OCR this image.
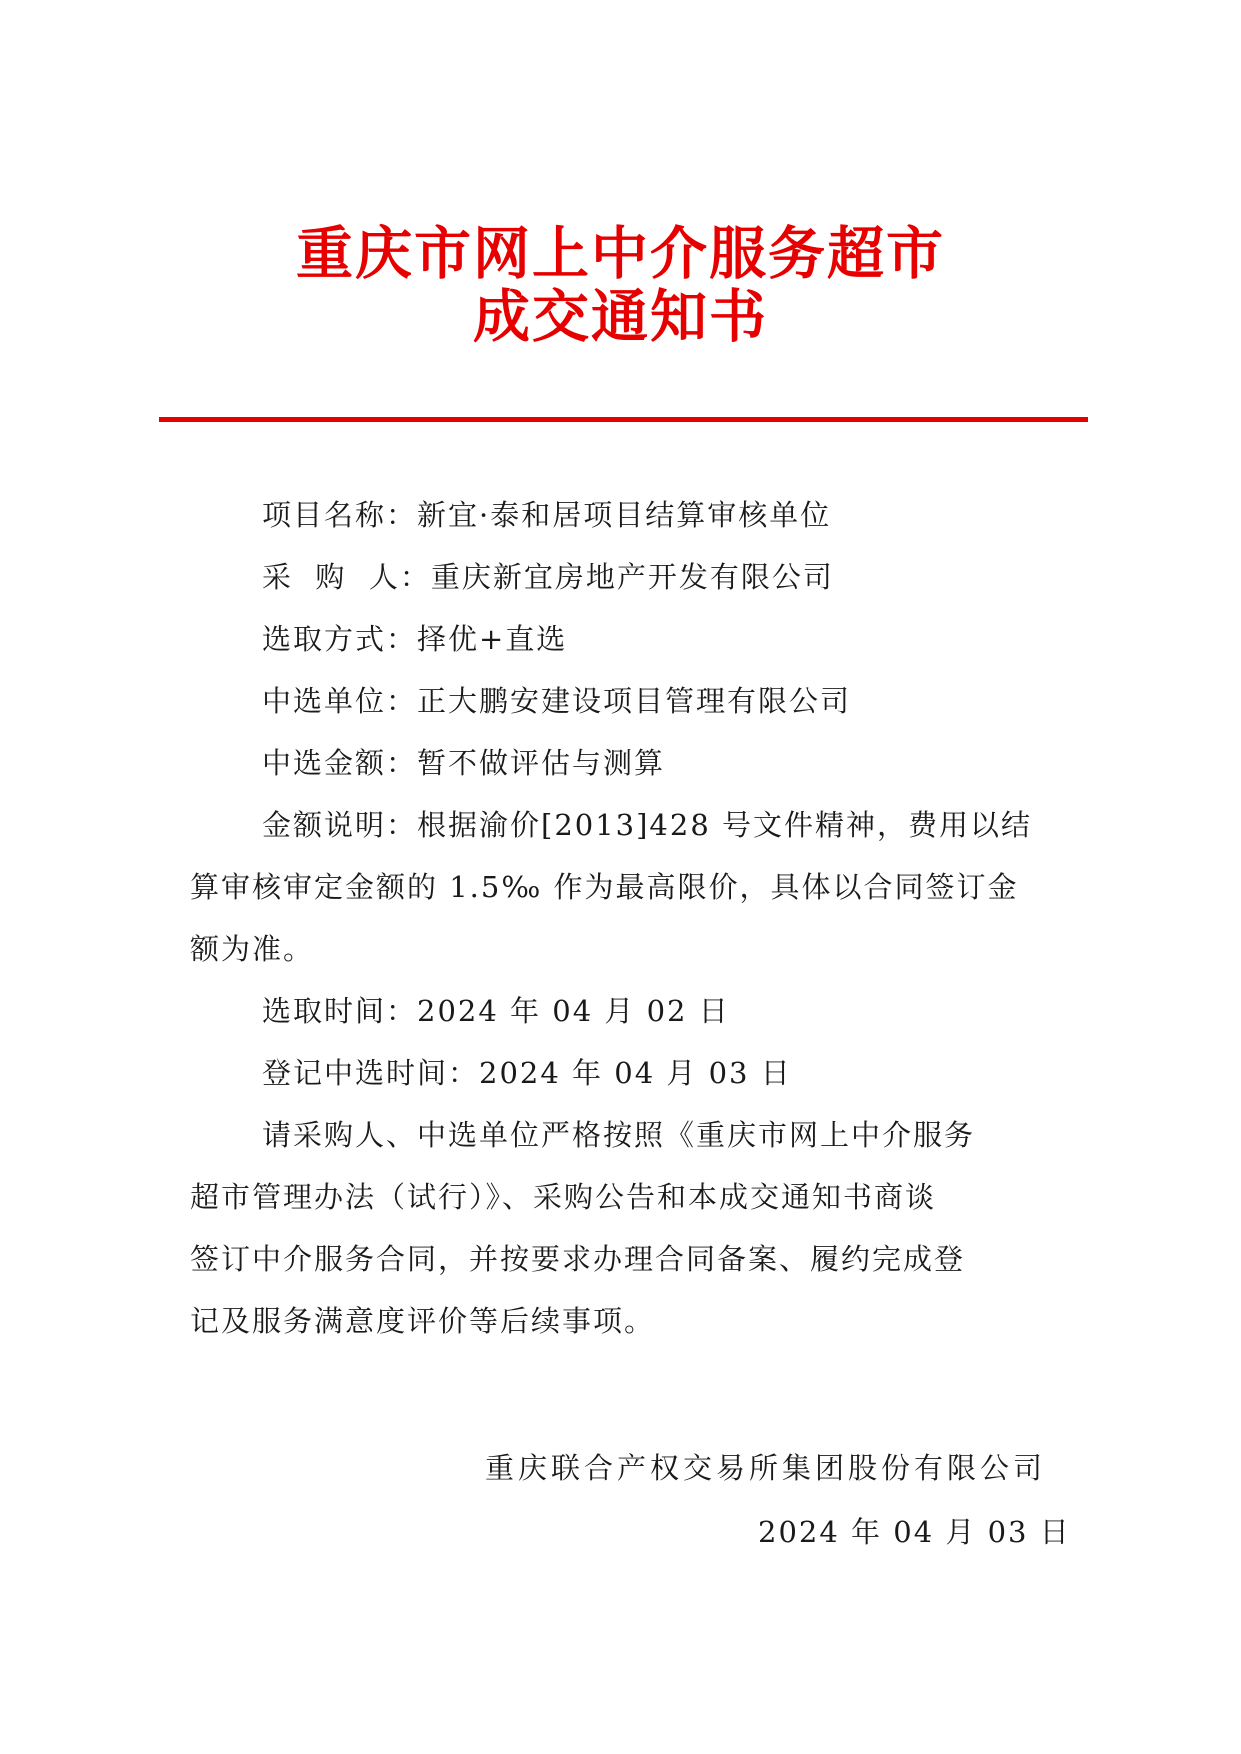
重庆市网上中介服务超市
成交通知书
项目名称：新宜·泰和居项目结算审核单位
采  购  人：重庆新宜房地产开发有限公司
选取方式：择优+直选
中选单位：正大鹏安建设项目管理有限公司
中选金额：暂不做评估与测算
金额说明：根据渝价[2013]428 号文件精神，费用以结
算审核审定金额的 1.5‰ 作为最高限价，具体以合同签订金
额为准。
选取时间：2024 年 04 月 02 日
登记中选时间：2024 年 04 月 03 日
请采购人、中选单位严格按照《重庆市网上中介服务
超市管理办法（试行）》、采购公告和本成交通知书商谈
签订中介服务合同，并按要求办理合同备案、履约完成登
记及服务满意度评价等后续事项。
重庆联合产权交易所集团股份有限公司
2024 年 04 月 03 日
